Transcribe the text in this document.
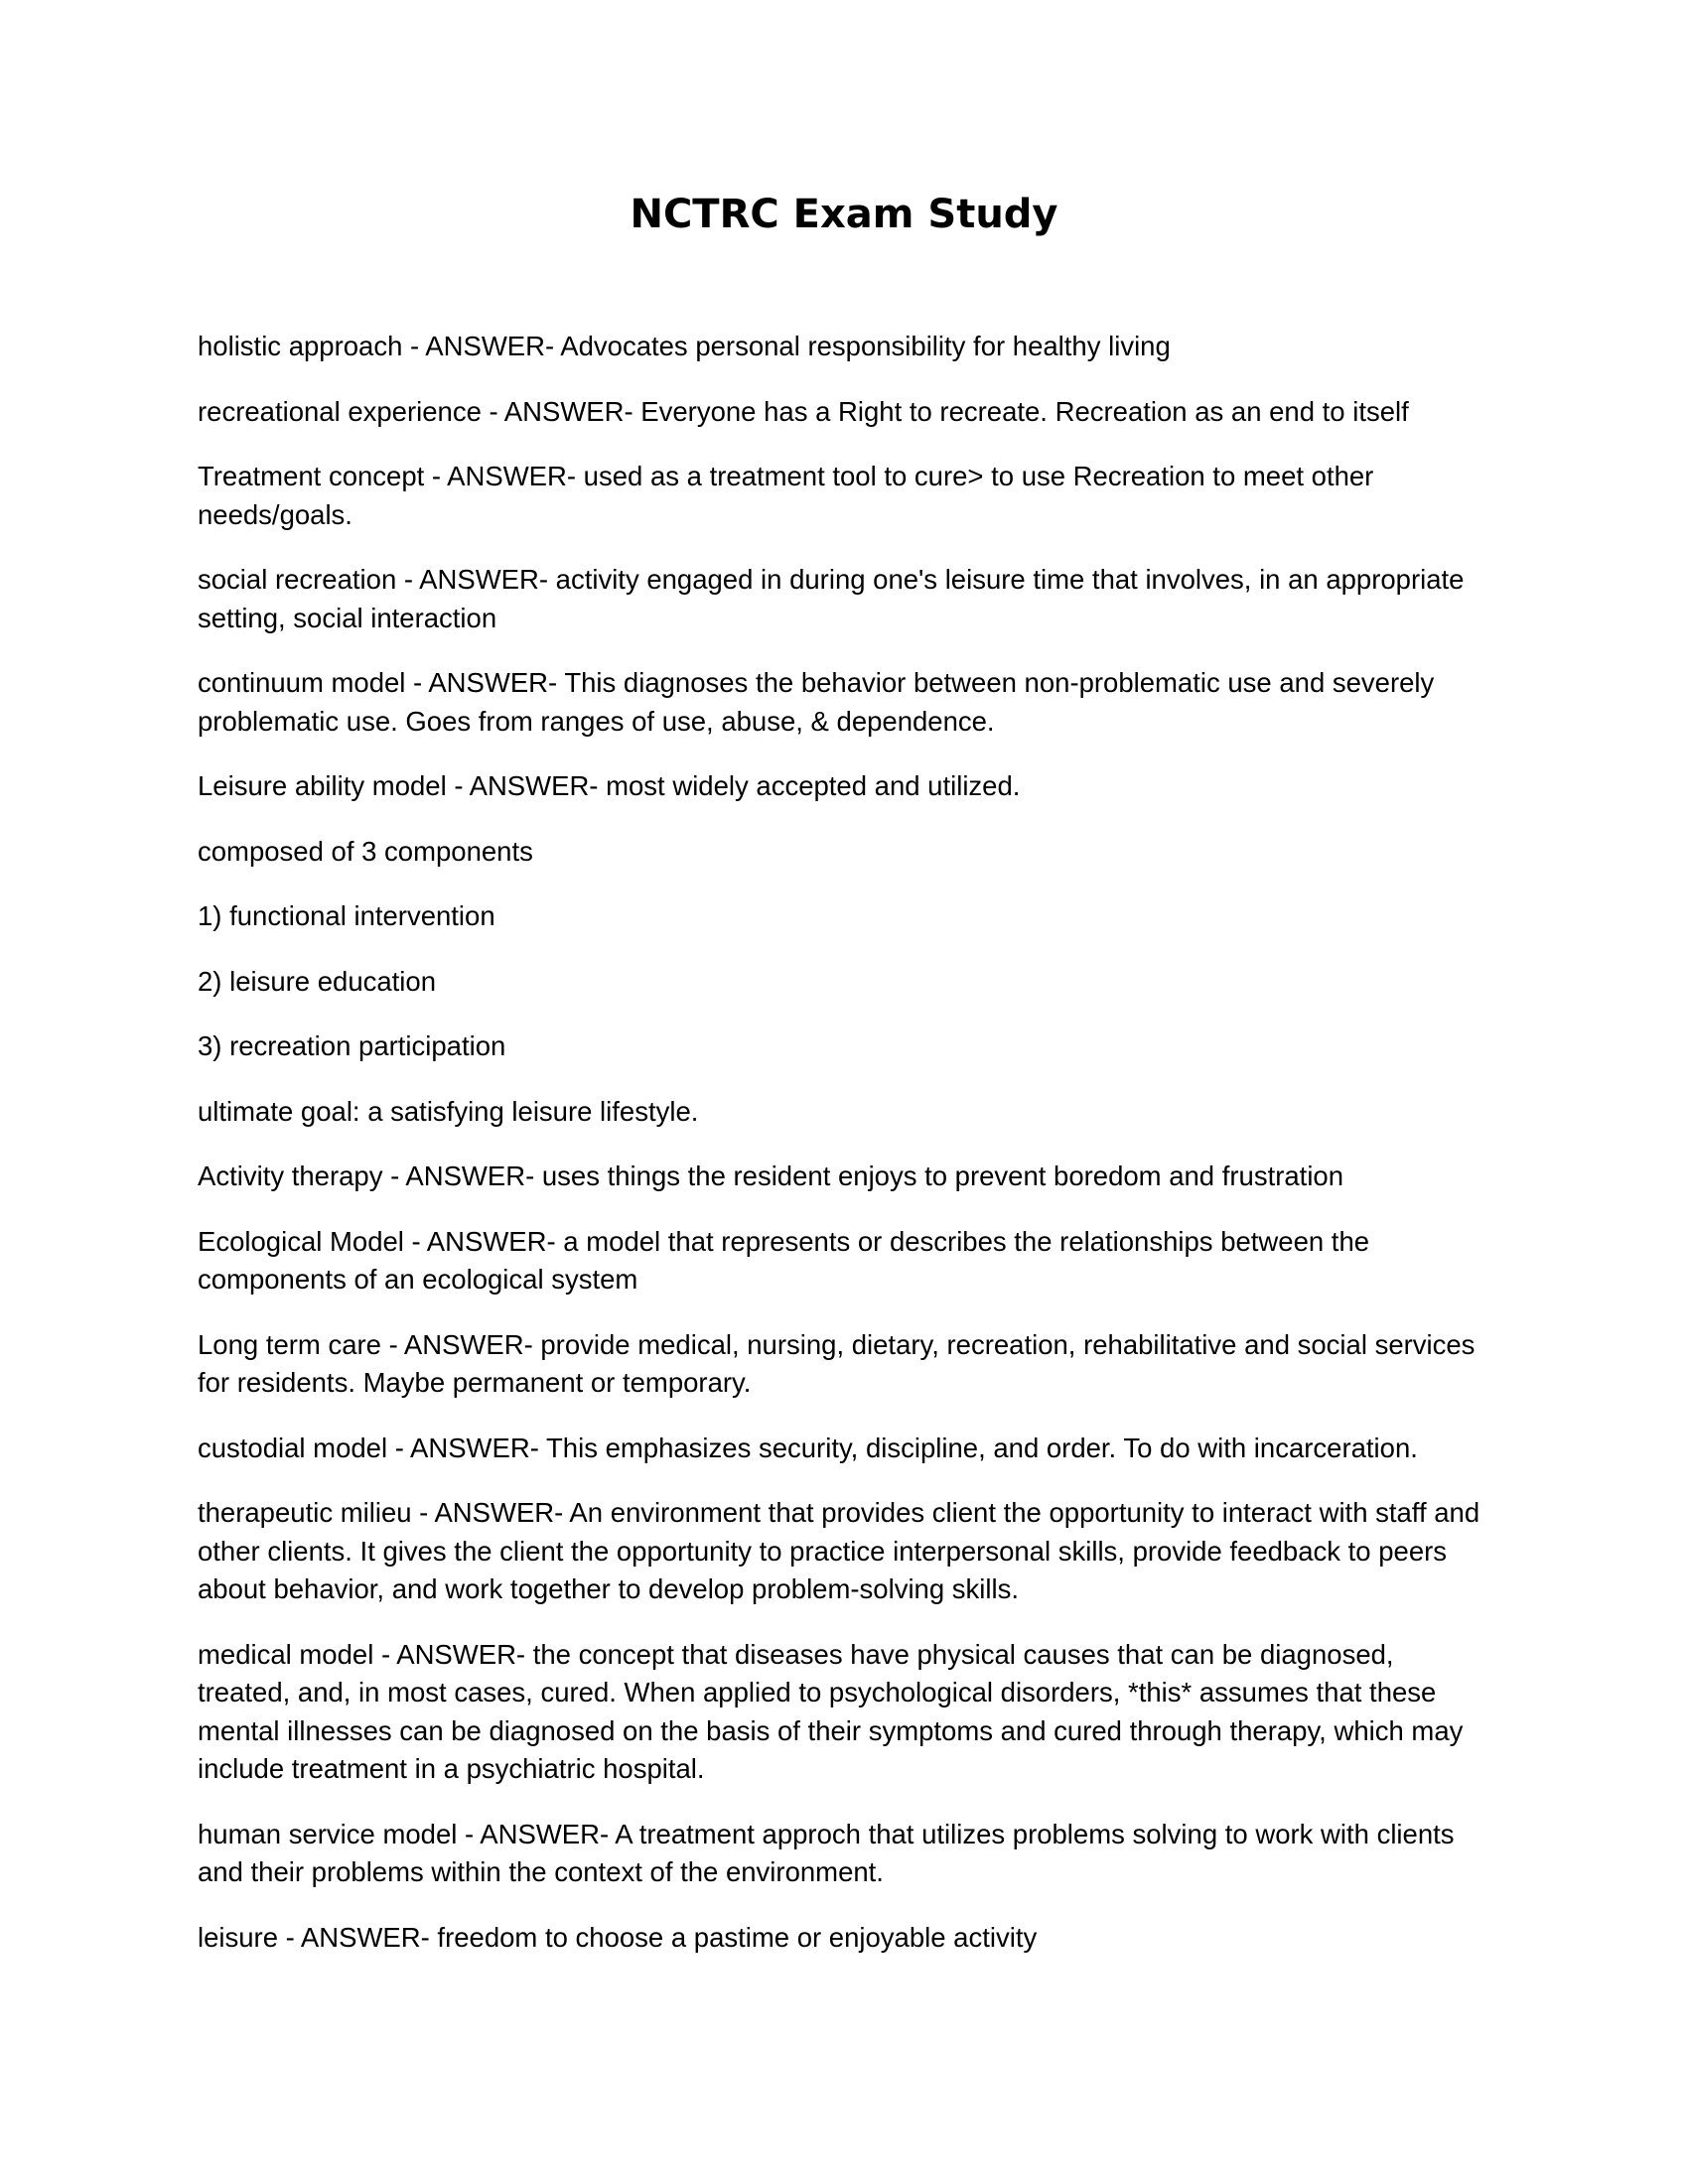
NCTRC Exam Study

holistic approach - ANSWER- Advocates personal responsibility for healthy living

recreational experience - ANSWER- Everyone has a Right to recreate. Recreation as an end to itself

Treatment concept - ANSWER- used as a treatment tool to cure> to use Recreation to meet other needs/goals.

social recreation - ANSWER- activity engaged in during one's leisure time that involves, in an appropriate setting, social interaction

continuum model - ANSWER- This diagnoses the behavior between non-problematic use and severely problematic use. Goes from ranges of use, abuse, & dependence.

Leisure ability model - ANSWER- most widely accepted and utilized.

composed of 3 components

1) functional intervention

2) leisure education

3) recreation participation

ultimate goal: a satisfying leisure lifestyle.

Activity therapy - ANSWER- uses things the resident enjoys to prevent boredom and frustration

Ecological Model - ANSWER- a model that represents or describes the relationships between the components of an ecological system

Long term care - ANSWER- provide medical, nursing, dietary, recreation, rehabilitative and social services for residents. Maybe permanent or temporary.

custodial model - ANSWER- This emphasizes security, discipline, and order. To do with incarceration.

therapeutic milieu - ANSWER- An environment that provides client the opportunity to interact with staff and other clients. It gives the client the opportunity to practice interpersonal skills, provide feedback to peers about behavior, and work together to develop problem-solving skills.

medical model - ANSWER- the concept that diseases have physical causes that can be diagnosed, treated, and, in most cases, cured. When applied to psychological disorders, *this* assumes that these mental illnesses can be diagnosed on the basis of their symptoms and cured through therapy, which may include treatment in a psychiatric hospital.

human service model - ANSWER- A treatment approch that utilizes problems solving to work with clients and their problems within the context of the environment.

leisure - ANSWER- freedom to choose a pastime or enjoyable activity
